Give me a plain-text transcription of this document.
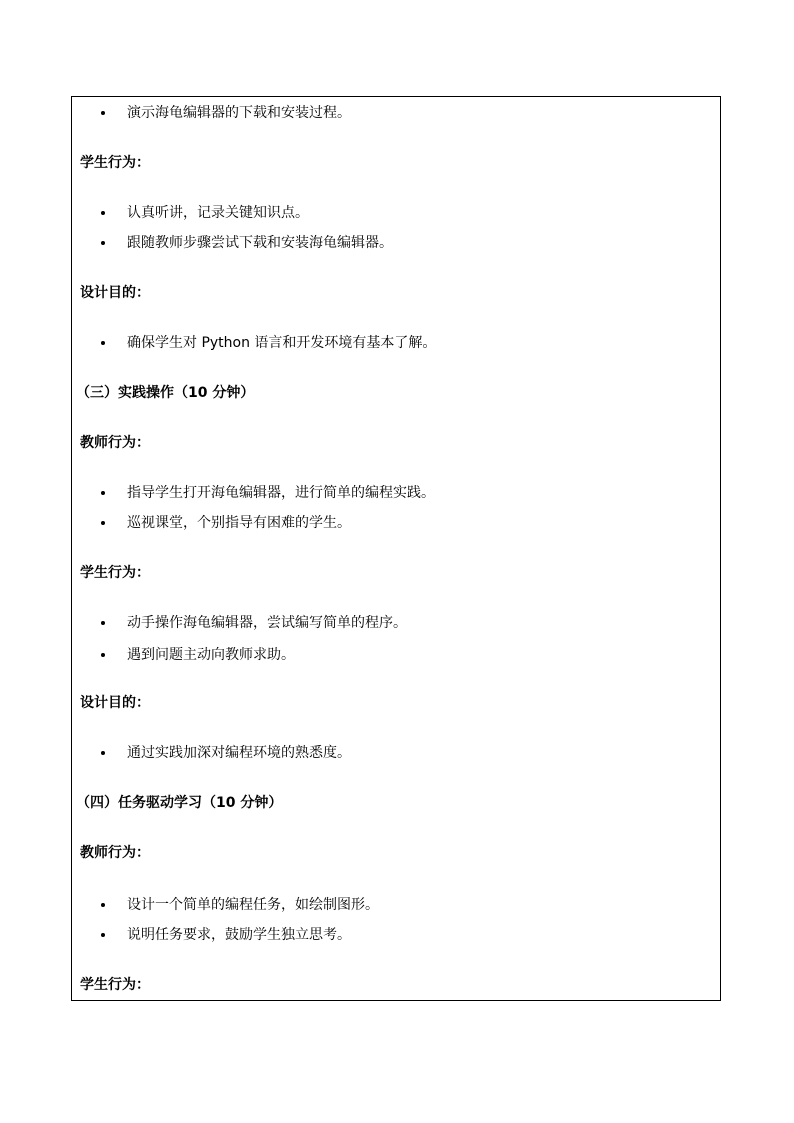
演示海龟编辑器的下载和安装过程。
学生行为：
认真听讲，记录关键知识点。
跟随教师步骤尝试下载和安装海龟编辑器。
设计目的：
确保学生对 Python 语言和开发环境有基本了解。
（三）实践操作（10 分钟）
教师行为：
指导学生打开海龟编辑器，进行简单的编程实践。
巡视课堂，个别指导有困难的学生。
学生行为：
动手操作海龟编辑器，尝试编写简单的程序。
遇到问题主动向教师求助。
设计目的：
通过实践加深对编程环境的熟悉度。
（四）任务驱动学习（10 分钟）
教师行为：
设计一个简单的编程任务，如绘制图形。
说明任务要求，鼓励学生独立思考。
学生行为：
